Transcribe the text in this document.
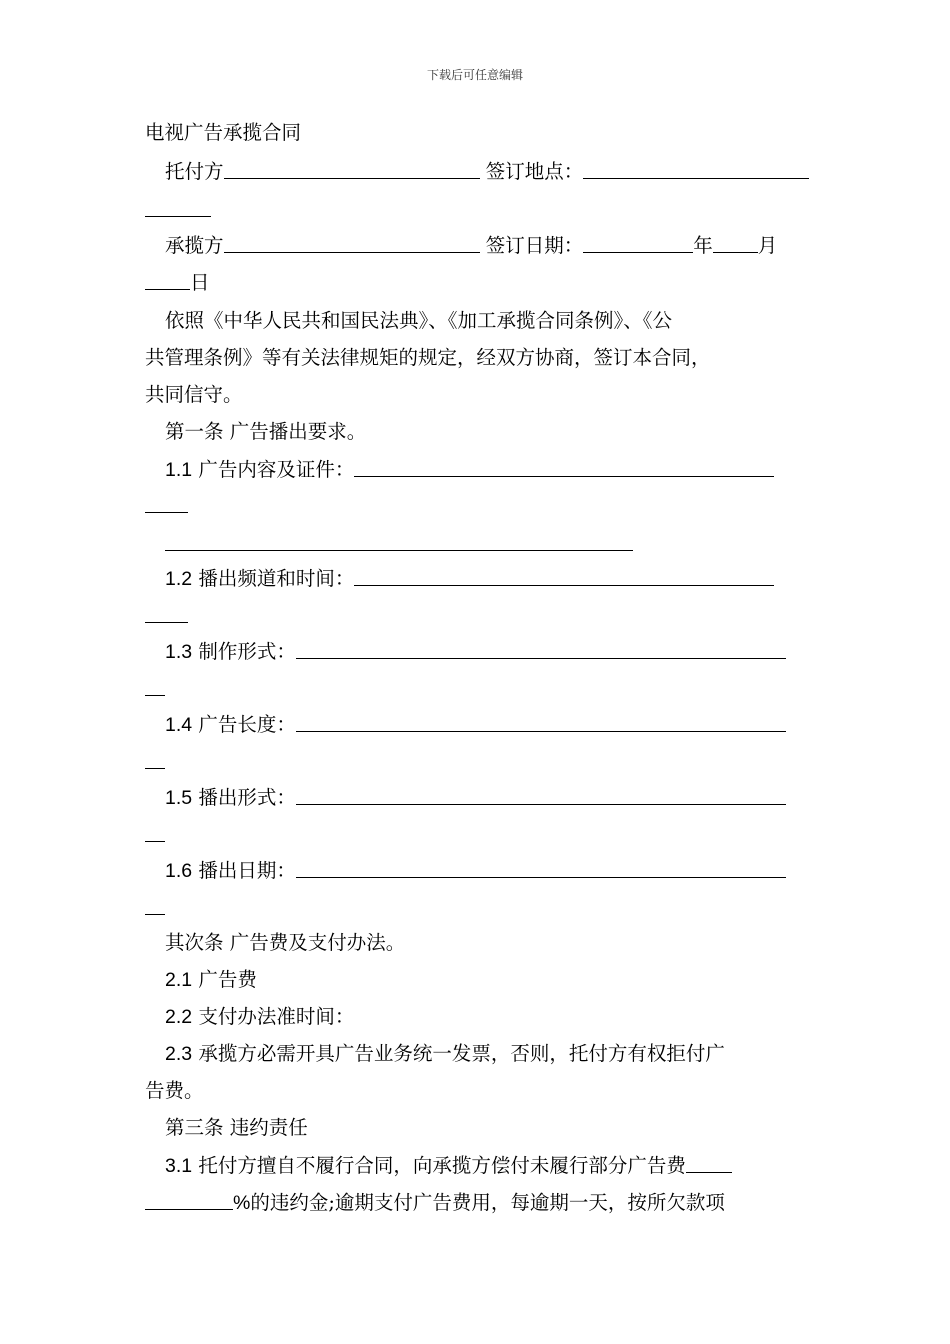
下载后可任意编辑
电视广告承揽合同
托付方	签订地点：
承揽方	签订日期：	年 月
日
依照《中华人民共和国民法典》、《加工承揽合同条例》、《公
共管理条例》等有关法律规矩的规定，经双方协商，签订本合同，
共同信守。
第一条 广告播出要求。
1.1 广告内容及证件：
1.2 播出频道和时间：
1.3 制作形式：
1.4 广告长度：
1.5 播出形式：
1.6 播出日期：
其次条 广告费及支付办法。
2.1 广告费
2.2 支付办法准时间：
2.3 承揽方必需开具广告业务统一发票，否则，托付方有权拒付广
告费。
第三条 违约责任
3.1 托付方擅自不履行合同，向承揽方偿付未履行部分广告费
%的违约金;逾期支付广告费用，每逾期一天，按所欠款项
